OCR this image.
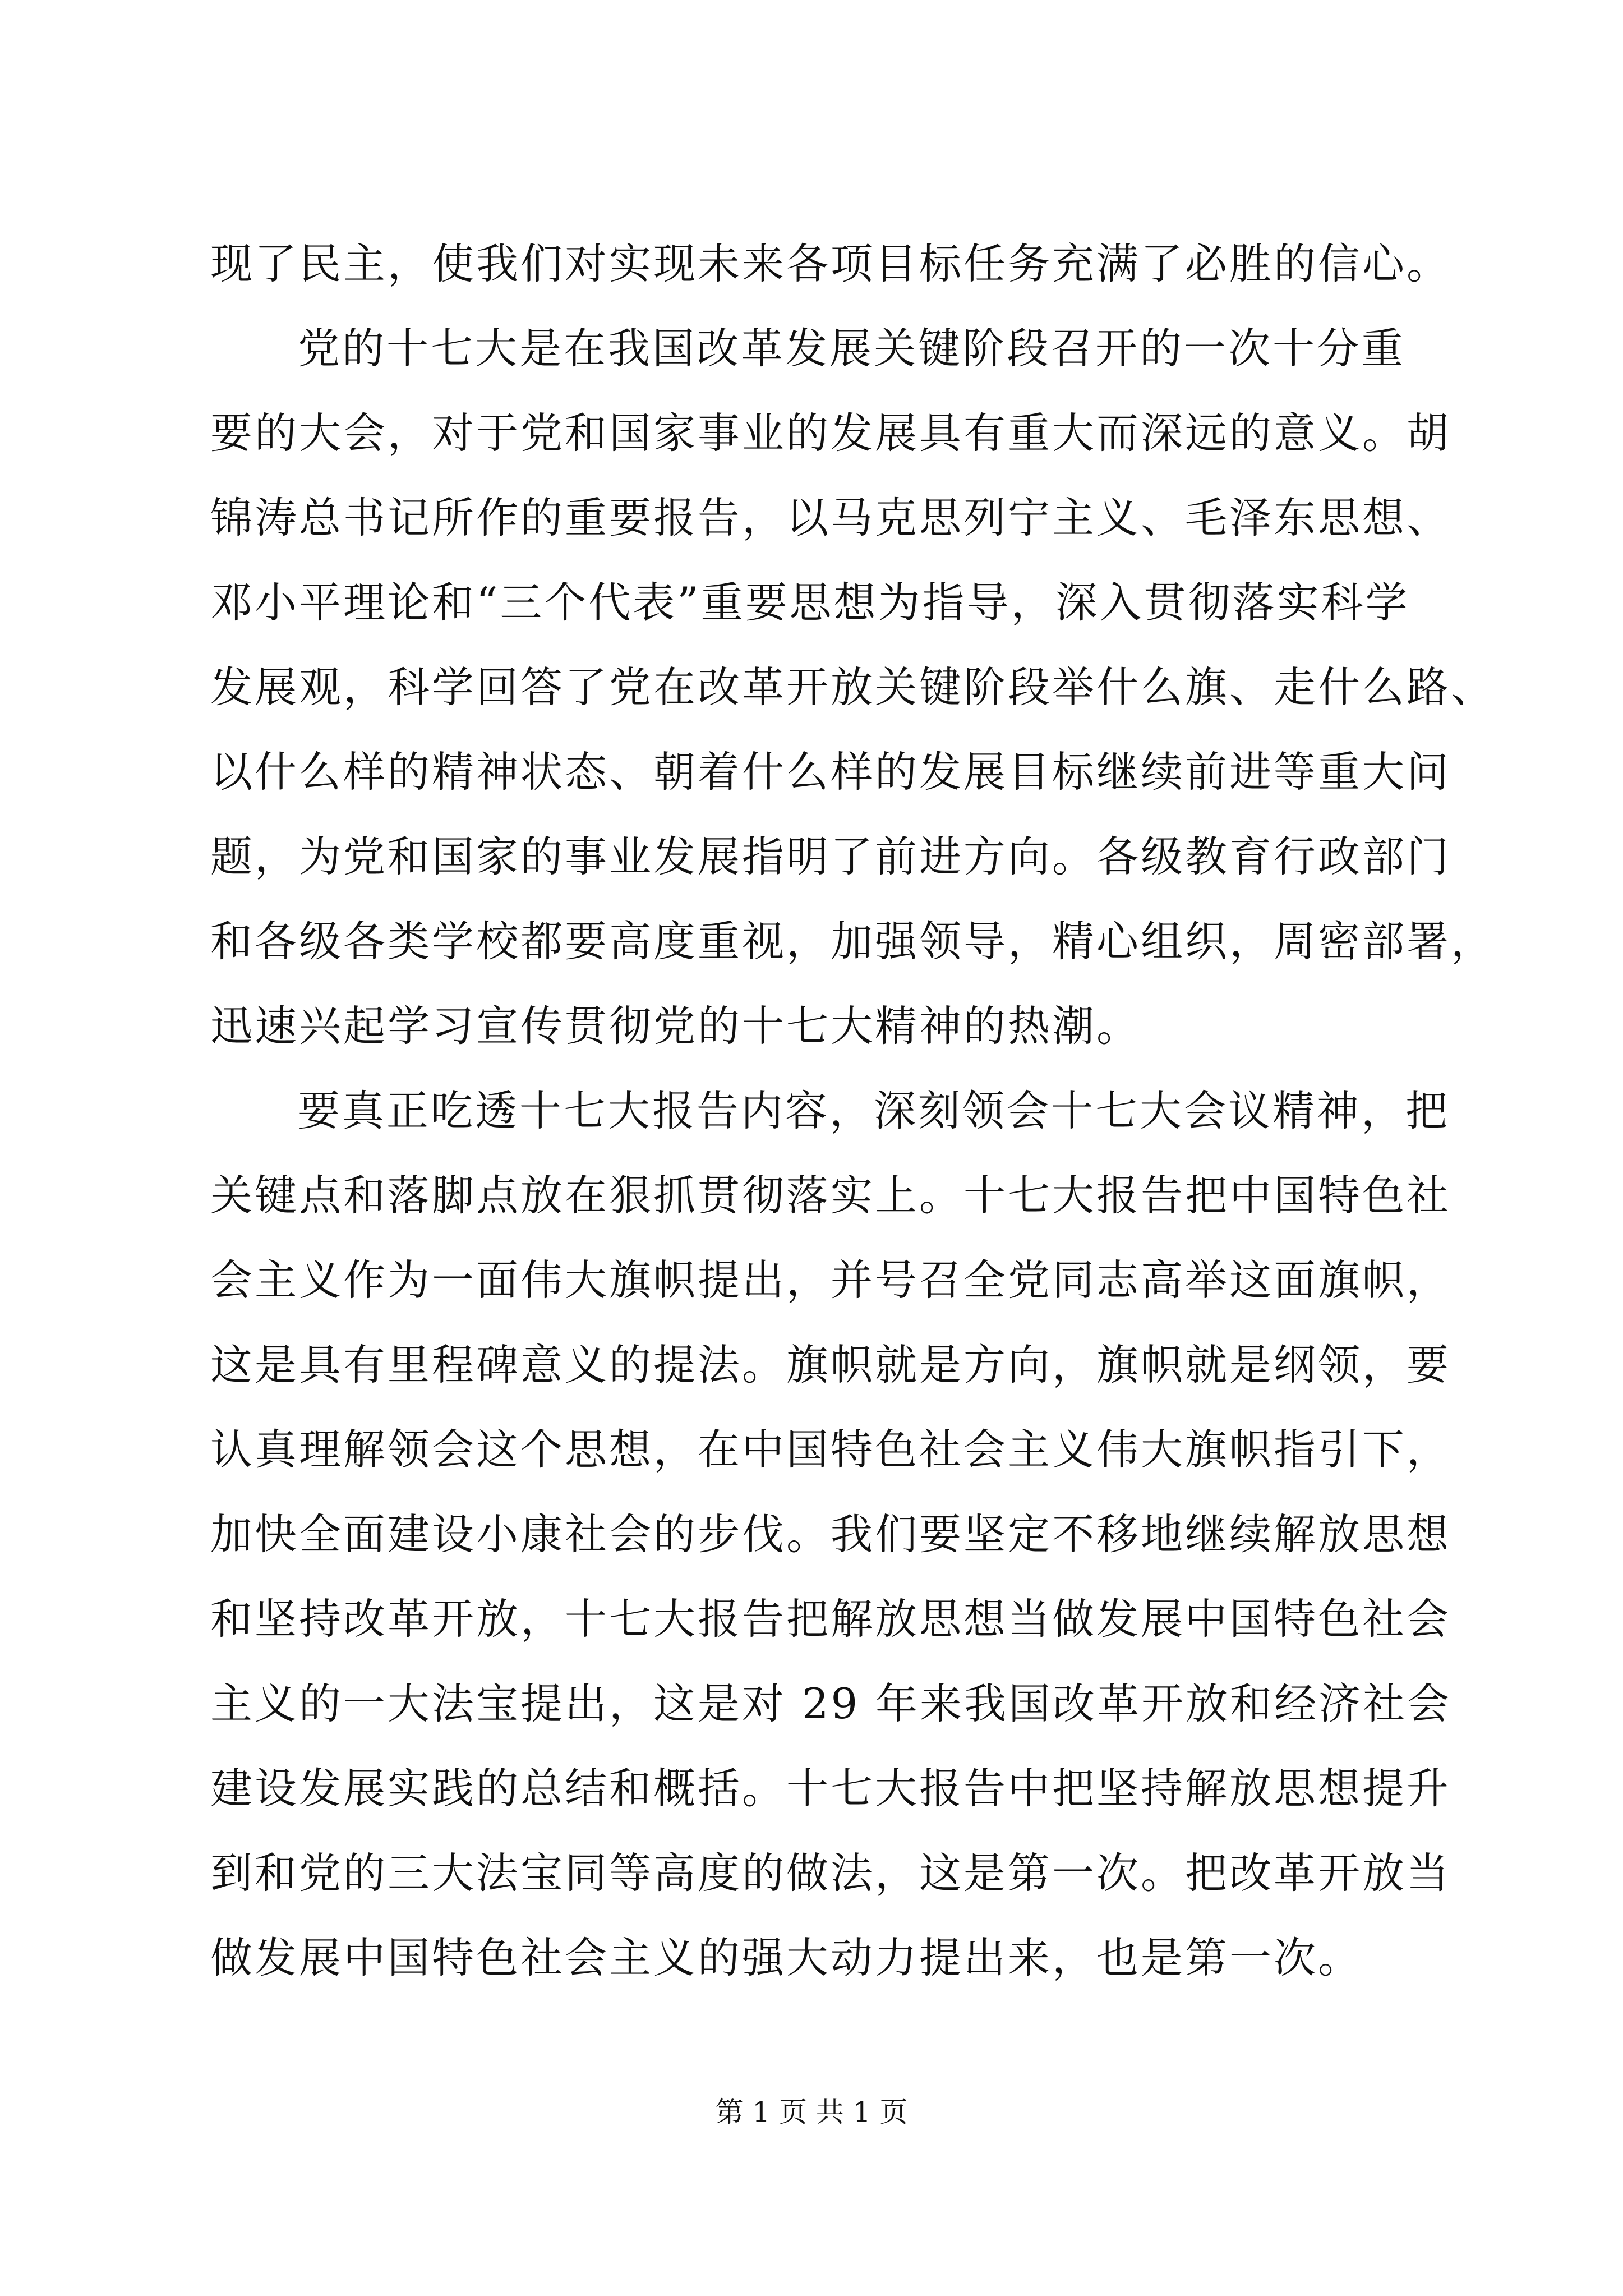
现了民主，使我们对实现未来各项目标任务充满了必胜的信心。
党的十七大是在我国改革发展关键阶段召开的一次十分重
要的大会，对于党和国家事业的发展具有重大而深远的意义。胡
锦涛总书记所作的重要报告，以马克思列宁主义、毛泽东思想、
邓小平理论和“三个代表”重要思想为指导，深入贯彻落实科学
发展观，科学回答了党在改革开放关键阶段举什么旗、走什么路、
以什么样的精神状态、朝着什么样的发展目标继续前进等重大问
题，为党和国家的事业发展指明了前进方向。各级教育行政部门
和各级各类学校都要高度重视，加强领导，精心组织，周密部署，
迅速兴起学习宣传贯彻党的十七大精神的热潮。
要真正吃透十七大报告内容，深刻领会十七大会议精神，把
关键点和落脚点放在狠抓贯彻落实上。十七大报告把中国特色社
会主义作为一面伟大旗帜提出，并号召全党同志高举这面旗帜，
这是具有里程碑意义的提法。旗帜就是方向，旗帜就是纲领，要
认真理解领会这个思想，在中国特色社会主义伟大旗帜指引下，
加快全面建设小康社会的步伐。我们要坚定不移地继续解放思想
和坚持改革开放，十七大报告把解放思想当做发展中国特色社会
主义的一大法宝提出，这是对 29 年来我国改革开放和经济社会
建设发展实践的总结和概括。十七大报告中把坚持解放思想提升
到和党的三大法宝同等高度的做法，这是第一次。把改革开放当
做发展中国特色社会主义的强大动力提出来，也是第一次。
第 1 页 共 1 页
